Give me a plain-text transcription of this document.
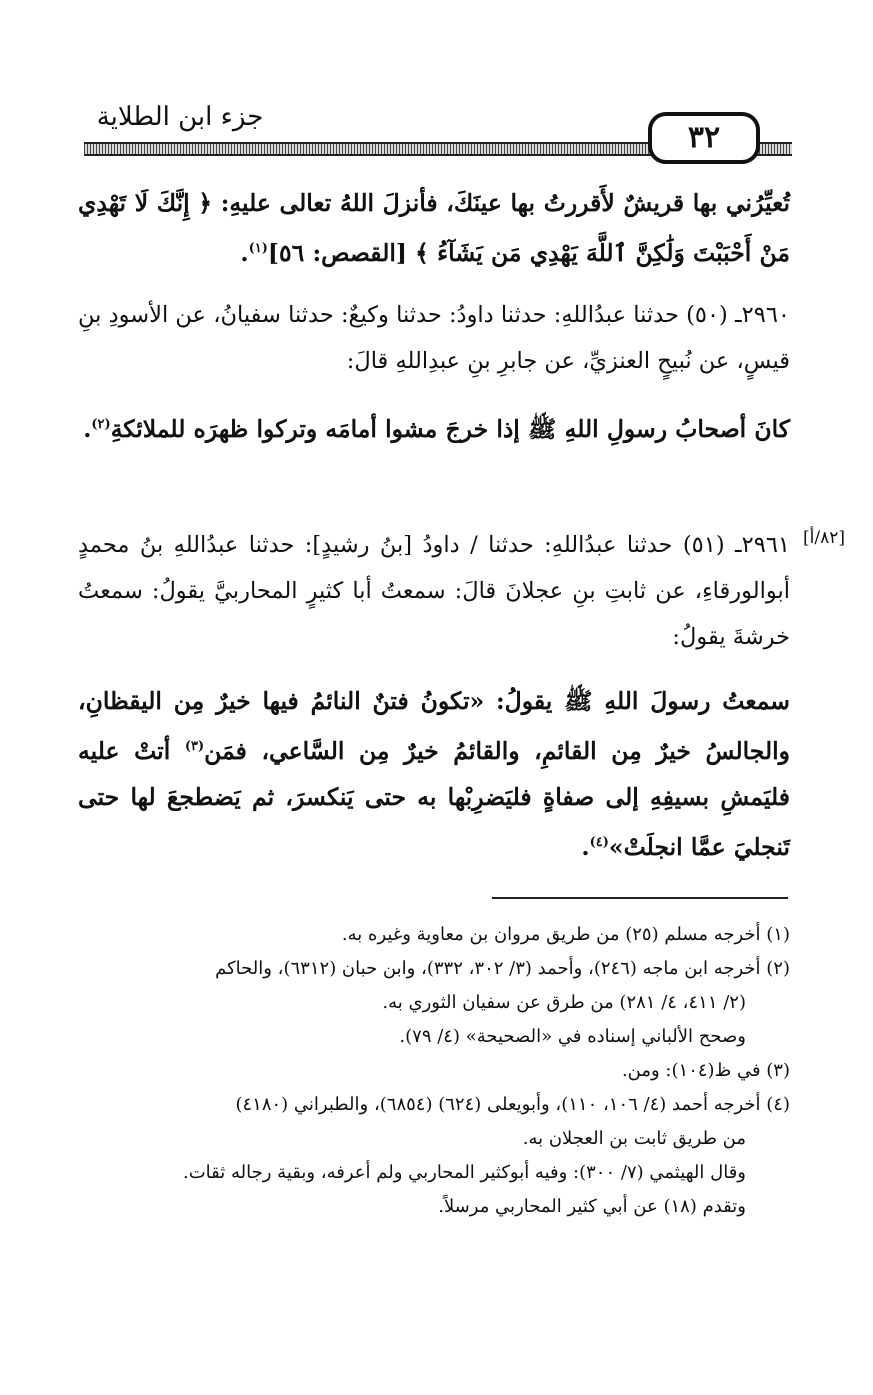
جزء ابن الطلاية
٣٢
تُعيِّرُني بها قريشٌ لأَقررتُ بها عينَكَ، فأنزلَ اللهُ تعالى عليهِ: ﴿ إِنَّكَ لَا تَهْدِي مَنْ أَحْبَبْتَ وَلَٰكِنَّ ٱللَّهَ يَهْدِي مَن يَشَآءُ ﴾ [القصص: ٥٦]$^{(١)}$.
٢٩٦٠ـ (٥٠) حدثنا عبدُاللهِ: حدثنا داودُ: حدثنا وكيعٌ: حدثنا سفيانُ، عن الأسودِ بنِ قيسٍ، عن نُبيحٍ العنزيِّ، عن جابرِ بنِ عبدِاللهِ قالَ:
كانَ أصحابُ رسولِ اللهِ ﷺ إذا خرجَ مشوا أمامَه وتركوا ظهرَه للملائكةِ$^{(٢)}$.
[٨٢/أ]
٢٩٦١ـ (٥١) حدثنا عبدُاللهِ: حدثنا / داودُ [بنُ رشيدٍ]: حدثنا عبدُاللهِ بنُ محمدٍ أبوالورقاءِ، عن ثابتِ بنِ عجلانَ قالَ: سمعتُ أبا كثيرٍ المحاربيَّ يقولُ: سمعتُ خرشةَ يقولُ:
سمعتُ رسولَ اللهِ ﷺ يقولُ: «تكونُ فتنٌ النائمُ فيها خيرٌ مِن اليقظانِ، والجالسُ خيرٌ مِن القائمِ، والقائمُ خيرٌ مِن السَّاعي، فمَن$^{(٣)}$ أتتْ عليه فليَمشِ بسيفِهِ إلى صفاةٍ فليَضرِبْها به حتى يَنكسرَ، ثم يَضطجعَ لها حتى تَنجليَ عمَّا انجلَتْ»$^{(٤)}$.
(١) أخرجه مسلم (٢٥) من طريق مروان بن معاوية وغيره به.
(٢) أخرجه ابن ماجه (٢٤٦)، وأحمد (٣/ ٣٠٢، ٣٣٢)، وابن حبان (٦٣١٢)، والحاكم
(٢/ ٤١١، ٤/ ٢٨١) من طرق عن سفيان الثوري به.
وصحح الألباني إسناده في «الصحيحة» (٤/ ٧٩).
(٣) في ظ(١٠٤): ومن.
(٤) أخرجه أحمد (٤/ ١٠٦، ١١٠)، وأبويعلى (٦٢٤) (٦٨٥٤)، والطبراني (٤١٨٠)
من طريق ثابت بن العجلان به.
وقال الهيثمي (٧/ ٣٠٠): وفيه أبوكثير المحاربي ولم أعرفه، وبقية رجاله ثقات.
وتقدم (١٨) عن أبي كثير المحاربي مرسلاً.
